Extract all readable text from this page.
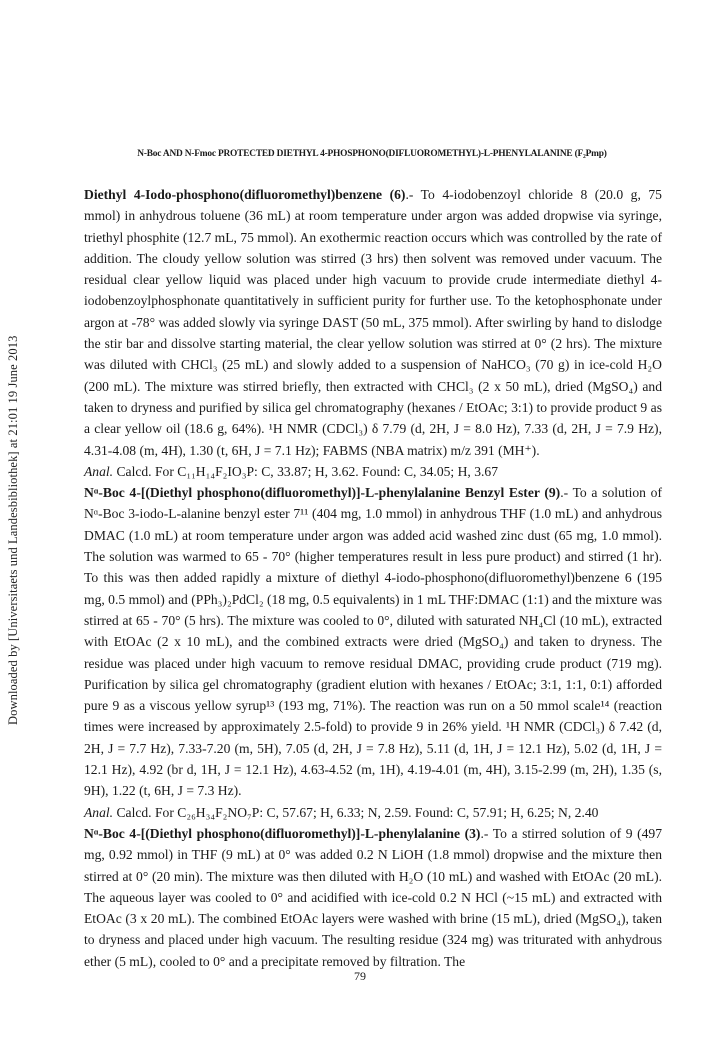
Downloaded by [Universitaets und Landesbibliothek] at 21:01 19 June 2013
N-Boc AND N-Fmoc PROTECTED DIETHYL 4-PHOSPHONO(DIFLUOROMETHYL)-L-PHENYLALANINE (F₂Pmp)

Diethyl 4-Iodo-phosphono(difluoromethyl)benzene (6).- To 4-iodobenzoyl chloride 8 (20.0 g, 75 mmol) in anhydrous toluene (36 mL) at room temperature under argon was added dropwise via syringe, triethyl phosphite (12.7 mL, 75 mmol). An exothermic reaction occurs which was controlled by the rate of addition. The cloudy yellow solution was stirred (3 hrs) then solvent was removed under vacuum. The residual clear yellow liquid was placed under high vacuum to provide crude intermediate diethyl 4-iodobenzoylphosphonate quantitatively in sufficient purity for further use. To the ketophosphonate under argon at -78° was added slowly via syringe DAST (50 mL, 375 mmol). After swirling by hand to dislodge the stir bar and dissolve starting material, the clear yellow solution was stirred at 0° (2 hrs). The mixture was diluted with CHCl₃ (25 mL) and slowly added to a suspension of NaHCO₃ (70 g) in ice-cold H₂O (200 mL). The mixture was stirred briefly, then extracted with CHCl₃ (2 x 50 mL), dried (MgSO₄) and taken to dryness and purified by silica gel chromatography (hexanes / EtOAc; 3:1) to provide product 9 as a clear yellow oil (18.6 g, 64%). ¹H NMR (CDCl₃) δ 7.79 (d, 2H, J = 8.0 Hz), 7.33 (d, 2H, J = 7.9 Hz), 4.31-4.08 (m, 4H), 1.30 (t, 6H, J = 7.1 Hz); FABMS (NBA matrix) m/z 391 (MH⁺).

Anal. Calcd. For C₁₁H₁₄F₂IO₃P: C, 33.87; H, 3.62. Found: C, 34.05; H, 3.67

Nᵅ-Boc 4-[(Diethyl phosphono(difluoromethyl)]-L-phenylalanine Benzyl Ester (9).- To a solution of Nᵅ-Boc 3-iodo-L-alanine benzyl ester 7¹¹ (404 mg, 1.0 mmol) in anhydrous THF (1.0 mL) and anhydrous DMAC (1.0 mL) at room temperature under argon was added acid washed zinc dust (65 mg, 1.0 mmol). The solution was warmed to 65 - 70° (higher temperatures result in less pure product) and stirred (1 hr). To this was then added rapidly a mixture of diethyl 4-iodo-phosphono(difluoromethyl)benzene 6 (195 mg, 0.5 mmol) and (PPh₃)₂PdCl₂ (18 mg, 0.5 equivalents) in 1 mL THF:DMAC (1:1) and the mixture was stirred at 65 - 70° (5 hrs). The mixture was cooled to 0°, diluted with saturated NH₄Cl (10 mL), extracted with EtOAc (2 x 10 mL), and the combined extracts were dried (MgSO₄) and taken to dryness. The residue was placed under high vacuum to remove residual DMAC, providing crude product (719 mg). Purification by silica gel chromatography (gradient elution with hexanes / EtOAc; 3:1, 1:1, 0:1) afforded pure 9 as a viscous yellow syrup¹³ (193 mg, 71%). The reaction was run on a 50 mmol scale¹⁴ (reaction times were increased by approximately 2.5-fold) to provide 9 in 26% yield. ¹H NMR (CDCl₃) δ 7.42 (d, 2H, J = 7.7 Hz), 7.33-7.20 (m, 5H), 7.05 (d, 2H, J = 7.8 Hz), 5.11 (d, 1H, J = 12.1 Hz), 5.02 (d, 1H, J = 12.1 Hz), 4.92 (br d, 1H, J = 12.1 Hz), 4.63-4.52 (m, 1H), 4.19-4.01 (m, 4H), 3.15-2.99 (m, 2H), 1.35 (s, 9H), 1.22 (t, 6H, J = 7.3 Hz).

Anal. Calcd. For C₂₆H₃₄F₂NO₇P: C, 57.67; H, 6.33; N, 2.59. Found: C, 57.91; H, 6.25; N, 2.40

Nᵅ-Boc 4-[(Diethyl phosphono(difluoromethyl)]-L-phenylalanine (3).- To a stirred solution of 9 (497 mg, 0.92 mmol) in THF (9 mL) at 0° was added 0.2 N LiOH (1.8 mmol) dropwise and the mixture then stirred at 0° (20 min). The mixture was then diluted with H₂O (10 mL) and washed with EtOAc (20 mL). The aqueous layer was cooled to 0° and acidified with ice-cold 0.2 N HCl (~15 mL) and extracted with EtOAc (3 x 20 mL). The combined EtOAc layers were washed with brine (15 mL), dried (MgSO₄), taken to dryness and placed under high vacuum. The resulting residue (324 mg) was triturated with anhydrous ether (5 mL), cooled to 0° and a precipitate removed by filtration. The

79
